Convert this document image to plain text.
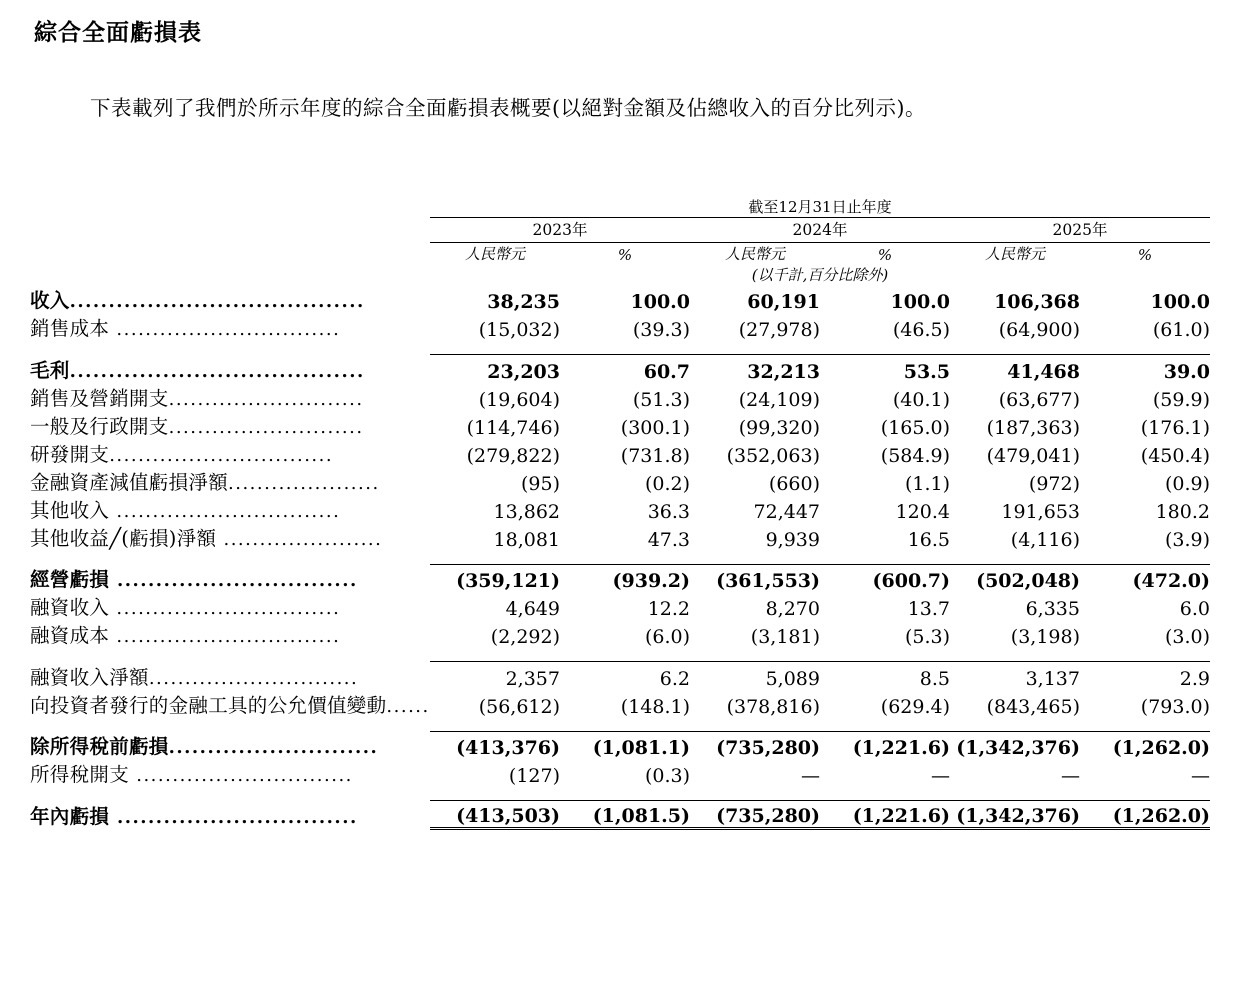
綜合全面虧損表
下表載列了我們於所示年度的綜合全面虧損表概要(以絕對金額及佔總收入的百分比列示)。
	截至12月31日止年度					
	2023年		2024年		2025年	

	人民幣元	%	人民幣元	%	人民幣元	%
			(以千計,百分比除外)			
收入......................................	38,235	100.0	60,191	100.0	106,368	100.0
銷售成本 ...............................	(15,032)	(39.3)	(27,978)	(46.5)	(64,900)	(61.0)

毛利......................................	23,203	60.7	32,213	53.5	41,468	39.0
銷售及營銷開支...........................	(19,604)	(51.3)	(24,109)	(40.1)	(63,677)	(59.9)
一般及行政開支...........................	(114,746)	(300.1)	(99,320)	(165.0)	(187,363)	(176.1)
研發開支...............................	(279,822)	(731.8)	(352,063)	(584.9)	(479,041)	(450.4)
金融資產減值虧損淨額.....................	(95)	(0.2)	(660)	(1.1)	(972)	(0.9)
其他收入 ...............................	13,862	36.3	72,447	120.4	191,653	180.2
其他收益╱(虧損)淨額 ......................	18,081	47.3	9,939	16.5	(4,116)	(3.9)

經營虧損 ...............................	(359,121)	(939.2)	(361,553)	(600.7)	(502,048)	(472.0)
融資收入 ...............................	4,649	12.2	8,270	13.7	6,335	6.0
融資成本 ...............................	(2,292)	(6.0)	(3,181)	(5.3)	(3,198)	(3.0)

融資收入淨額.............................	2,357	6.2	5,089	8.5	3,137	2.9
向投資者發行的金融工具的公允價值變動......	(56,612)	(148.1)	(378,816)	(629.4)	(843,465)	(793.0)

除所得稅前虧損...........................	(413,376)	(1,081.1)	(735,280)	(1,221.6)	(1,342,376)	(1,262.0)
所得稅開支 ..............................	(127)	(0.3)	—	—	—	—

年內虧損 ...............................	(413,503)	(1,081.5)	(735,280)	(1,221.6)	(1,342,376)	(1,262.0)
